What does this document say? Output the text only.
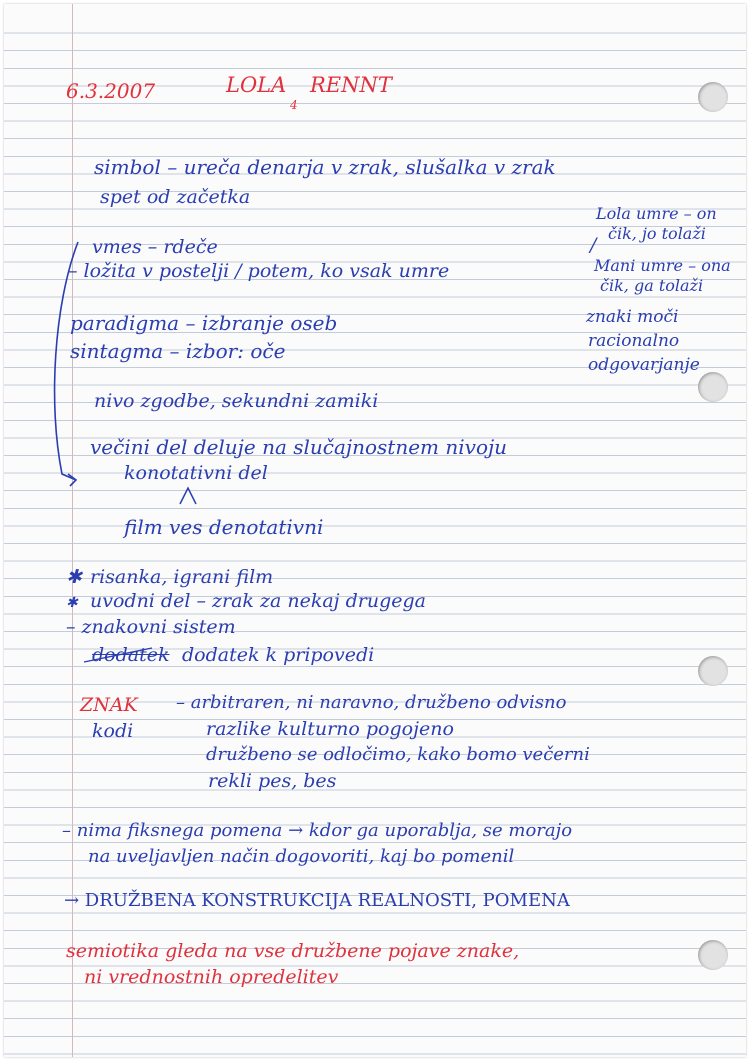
6.3.2007	LOLA
4
RENNT
simbol – ureča denarja v zrak, slušalka v zrak
spet od začetka
vmes – rdeče
– ložita v postelji / potem, ko vsak umre
paradigma – izbranje oseb
sintagma – izbor: oče
nivo zgodbe, sekundni zamiki
večini del deluje na slučajnostnem nivoju
konotativni del
film ves denotativni
✱ risanka, igrani film
✱ uvodni del – zrak za nekaj drugega
– znakovni sistem
dodatek dodatek k pripovedi
ZNAK
kodi
– arbitraren, ni naravno, družbeno odvisno
razlike kulturno pogojeno
družbeno se odločimo, kako bomo večerni
rekli pes, bes
– nima fiksnega pomena → kdor ga uporablja, se morajo
na uveljavljen način dogovoriti, kaj bo pomenil
→ DRUŽBENA KONSTRUKCIJA REALNOSTI, POMENA
semiotika gleda na vse družbene pojave znake,
ni vrednostnih opredelitev
Lola umre – on
čik, jo tolaži
/
Mani umre – ona
čik, ga tolaži
znaki moči
racionalno
odgovarjanje
